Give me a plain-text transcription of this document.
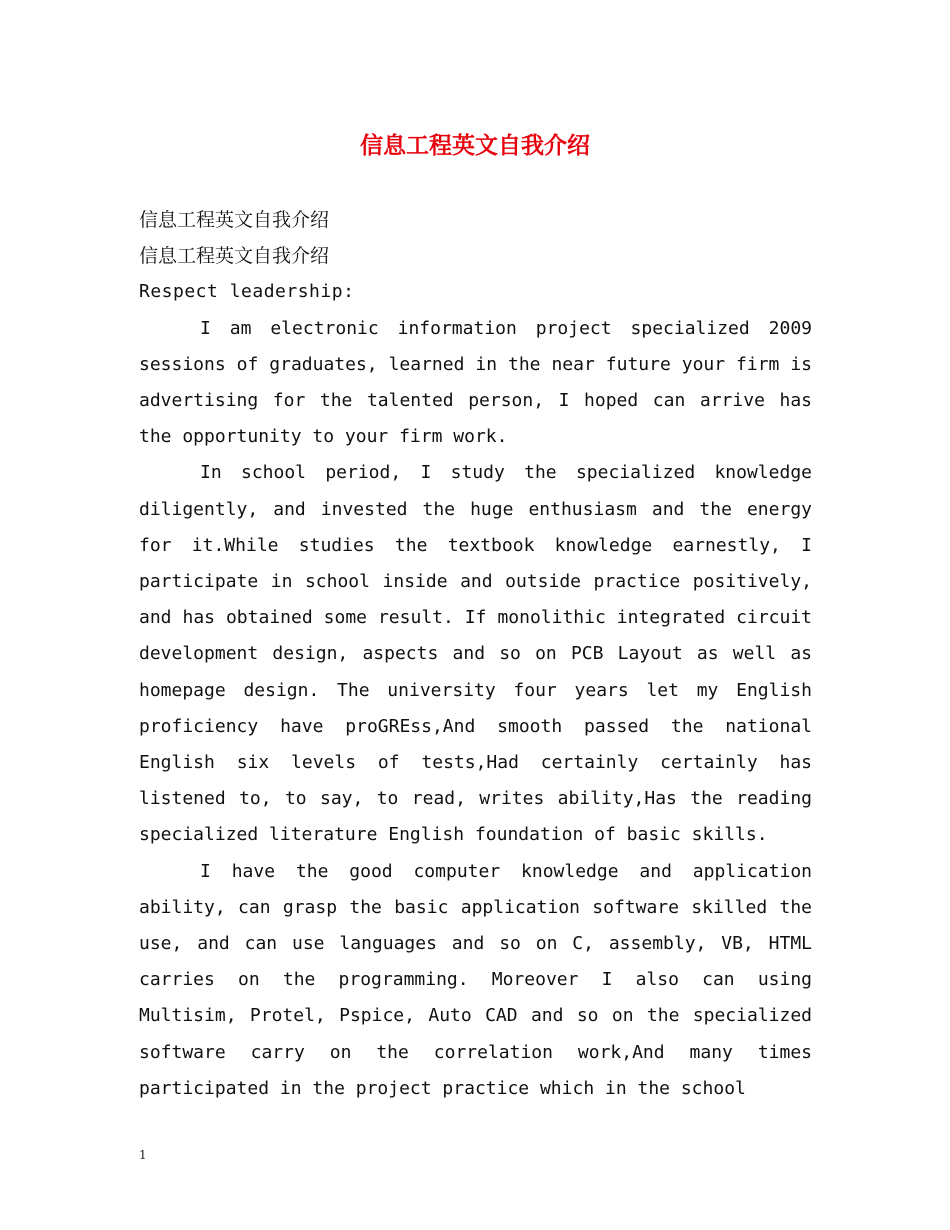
信息工程英文自我介绍

信息工程英文自我介绍

信息工程英文自我介绍

Respect leadership:

I am electronic information project specialized 2009 sessions of graduates, learned in the near future your firm is advertising for the talented person, I hoped can arrive has the opportunity to your firm work.

In school period, I study the specialized knowledge diligently, and invested the huge enthusiasm and the energy for it.While studies the textbook knowledge earnestly, I participate in school inside and outside practice positively, and has obtained some result. If monolithic integrated circuit development design, aspects and so on PCB Layout as well as homepage design. The university four years let my English proficiency have proGREss,And smooth passed the national English six levels of tests,Had certainly certainly has listened to, to say, to read, writes ability,Has the reading specialized literature English foundation of basic skills.

I have the good computer knowledge and application ability, can grasp the basic application software skilled the use, and can use languages and so on C, assembly, VB, HTML carries on the programming. Moreover I also can using Multisim, Protel, Pspice, Auto CAD and so on the specialized software carry on the correlation work,And many times participated in the project practice which in the school

1
